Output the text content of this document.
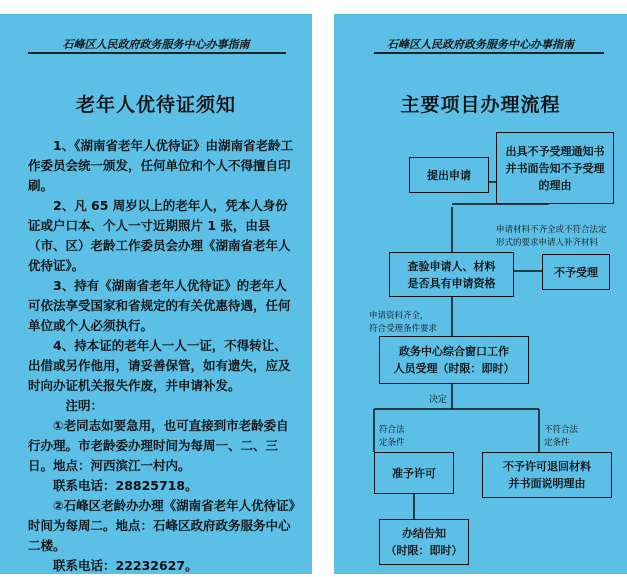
石峰区人民政府政务服务中心办事指南
老年人优待证须知

1、《湖南省老年人优待证》由湖南省老龄工作委员会统一颁发，任何单位和个人不得擅自印刷。

2、凡 65 周岁以上的老年人，凭本人身份证或户口本、个人一寸近期照片 1 张，由县（市、区）老龄工作委员会办理《湖南省老年人优待证》。

3、持有《湖南省老年人优待证》的老年人可依法享受国家和省规定的有关优惠待遇，任何单位或个人必须执行。

4、持本证的老年人一人一证，不得转让、出借或另作他用，请妥善保管，如有遗失，应及时向办证机关报失作废，并申请补发。

注明：

①老同志如要急用，也可直接到市老龄委自行办理。市老龄委办理时间为每周一、二、三日。地点：河西滨江一村内。

联系电话：28825718。

②石峰区老龄办办理《湖南省老年人优待证》时间为每周二。地点：石峰区政府政务服务中心二楼。

联系电话：22232627。

石峰区人民政府政务服务中心办事指南
主要项目办理流程
提出申请
出具不予受理通知书并书面告知不予受理的理由
申请材料不齐全或不符合法定形式的要求申请人补齐材料
查验申请人、材料
是否具有申请资格
不予受理
申请资料齐全，
符合受理条件要求
政务中心综合窗口工作
人员受理（时限：即时）
决定
符合法
定条件
不符合法
定条件
准予许可	不予许可退回材料
并书面说明理由
办结告知
（时限：即时）
